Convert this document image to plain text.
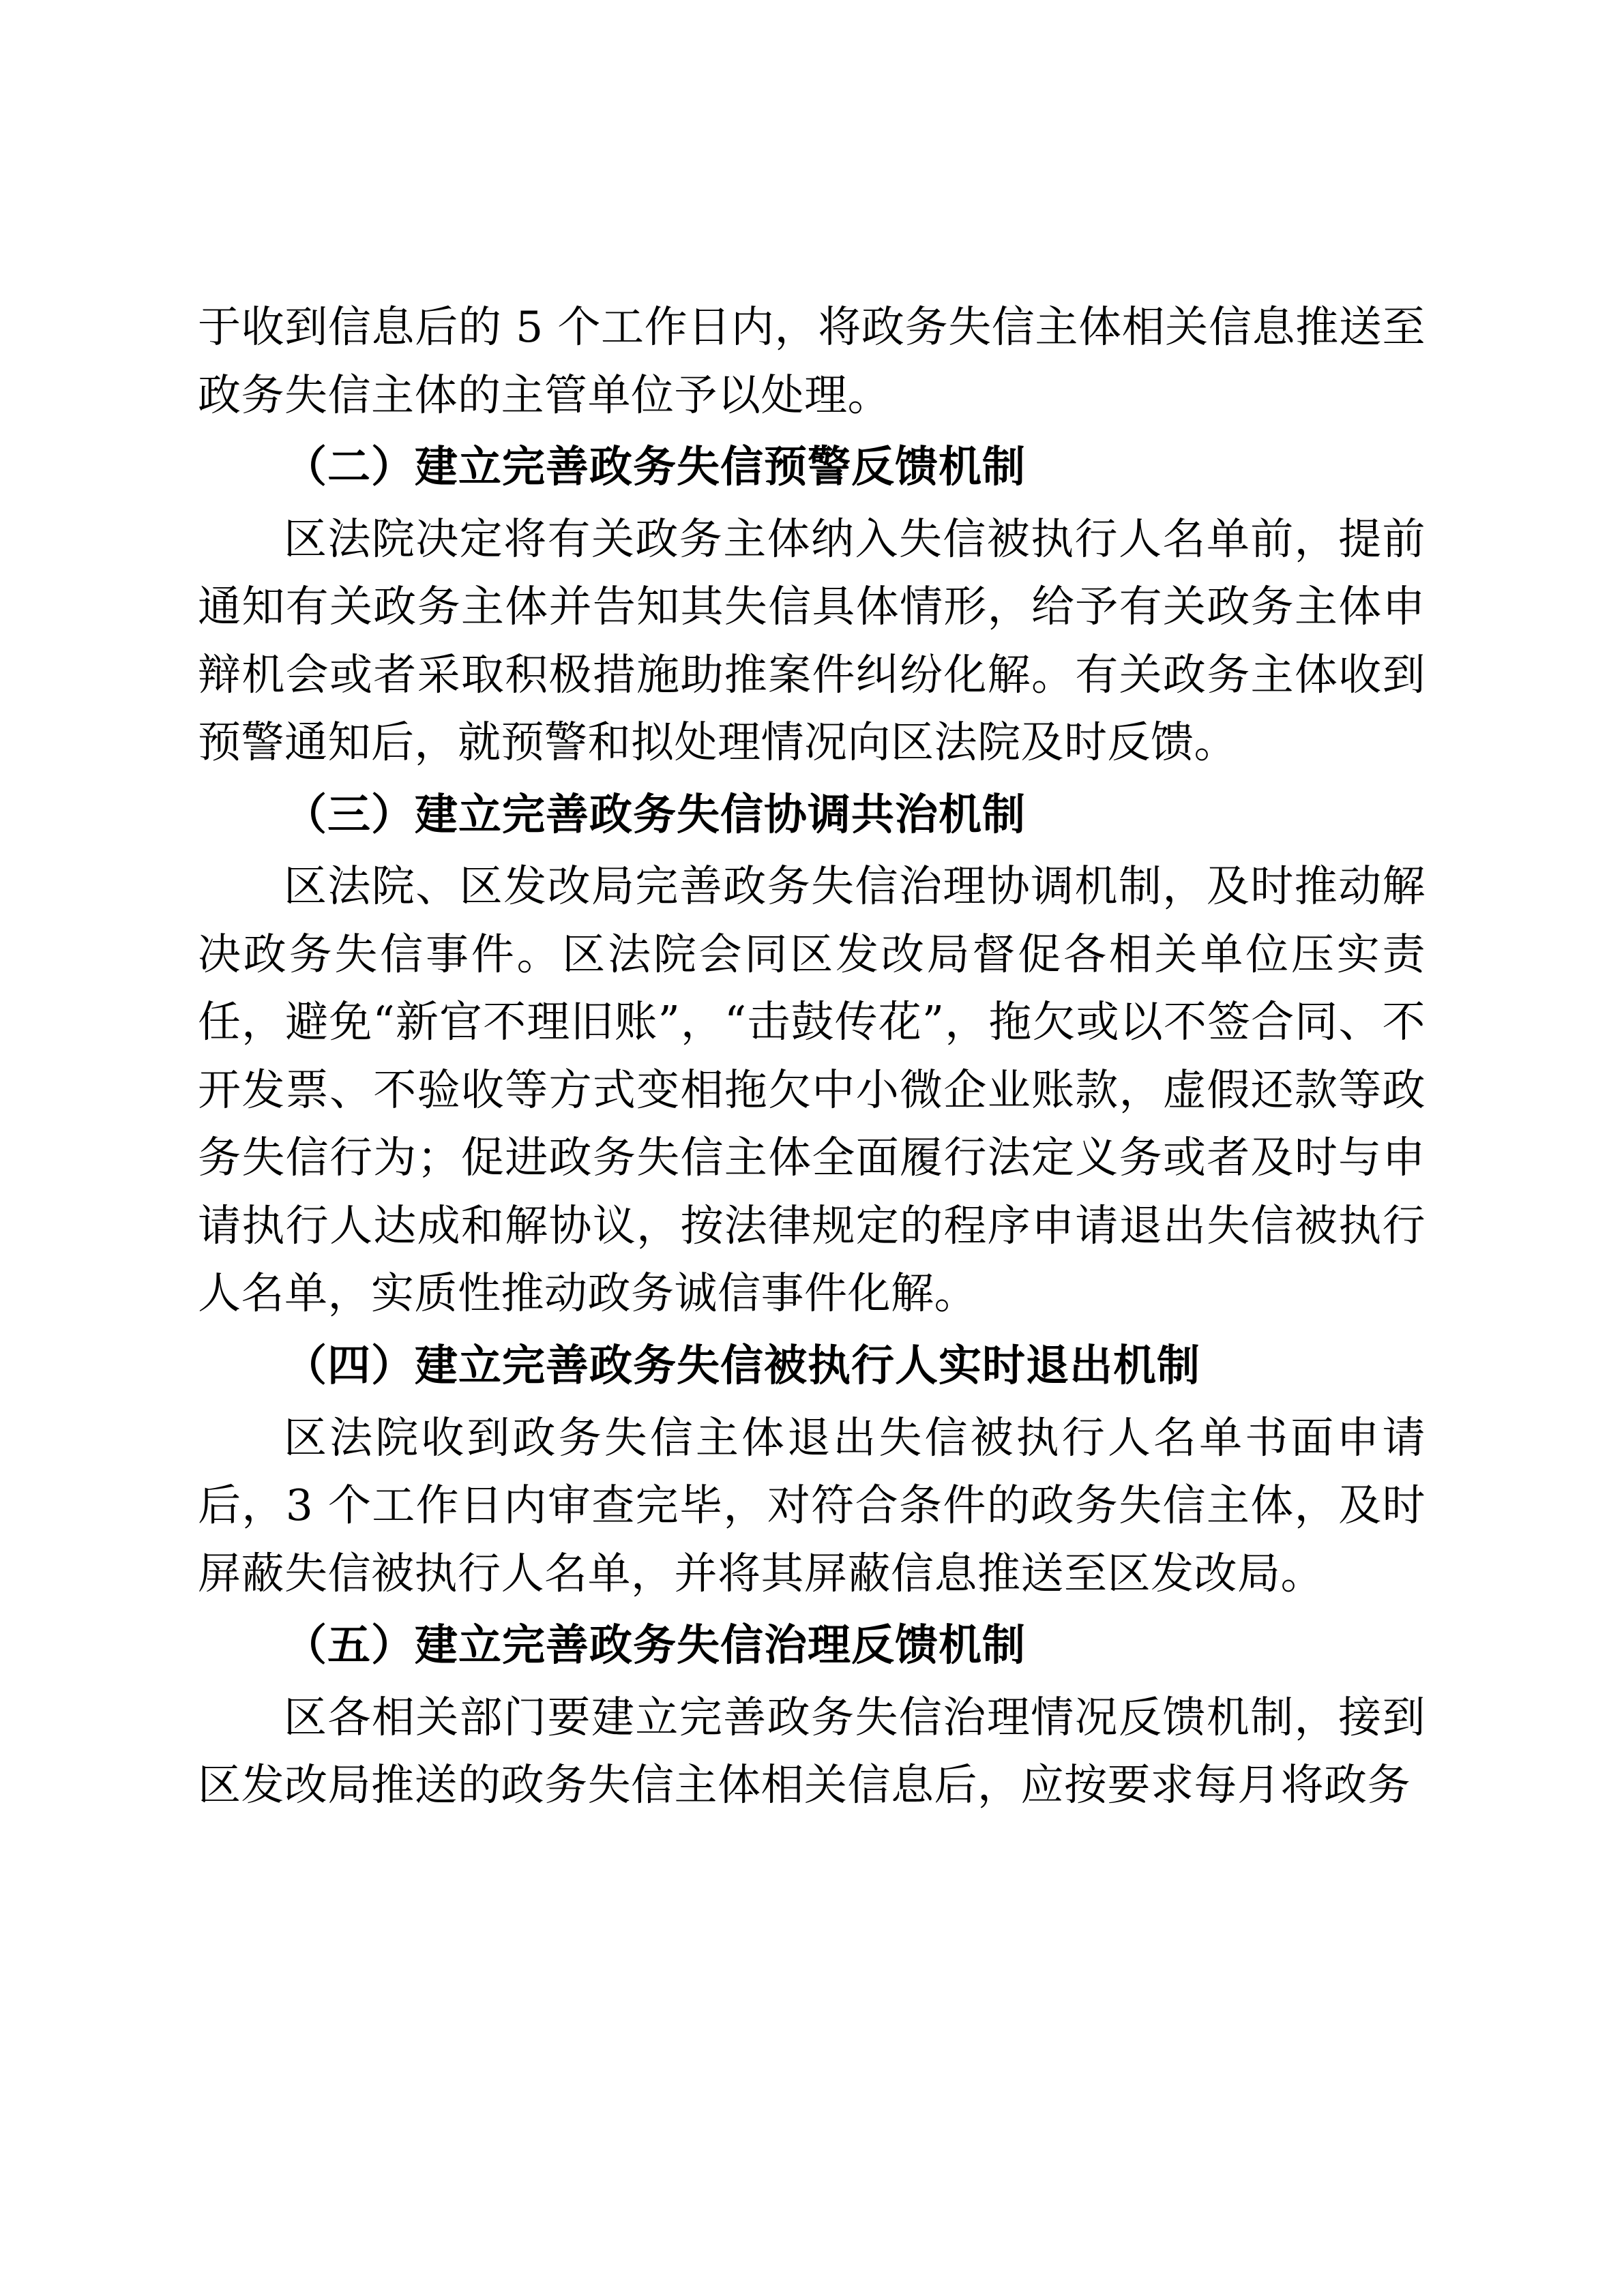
于收到信息后的 5 个工作日内，将政务失信主体相关信息推送至政务失信主体的主管单位予以处理。

（二）建立完善政务失信预警反馈机制

区法院决定将有关政务主体纳入失信被执行人名单前，提前通知有关政务主体并告知其失信具体情形，给予有关政务主体申辩机会或者采取积极措施助推案件纠纷化解。有关政务主体收到预警通知后，就预警和拟处理情况向区法院及时反馈。

（三）建立完善政务失信协调共治机制

区法院、区发改局完善政务失信治理协调机制，及时推动解决政务失信事件。区法院会同区发改局督促各相关单位压实责任，避免“新官不理旧账”，“击鼓传花”，拖欠或以不签合同、不开发票、不验收等方式变相拖欠中小微企业账款，虚假还款等政务失信行为；促进政务失信主体全面履行法定义务或者及时与申请执行人达成和解协议，按法律规定的程序申请退出失信被执行人名单，实质性推动政务诚信事件化解。

（四）建立完善政务失信被执行人实时退出机制

区法院收到政务失信主体退出失信被执行人名单书面申请后，3 个工作日内审查完毕，对符合条件的政务失信主体，及时屏蔽失信被执行人名单，并将其屏蔽信息推送至区发改局。

（五）建立完善政务失信治理反馈机制

区各相关部门要建立完善政务失信治理情况反馈机制，接到区发改局推送的政务失信主体相关信息后，应按要求每月将政务
